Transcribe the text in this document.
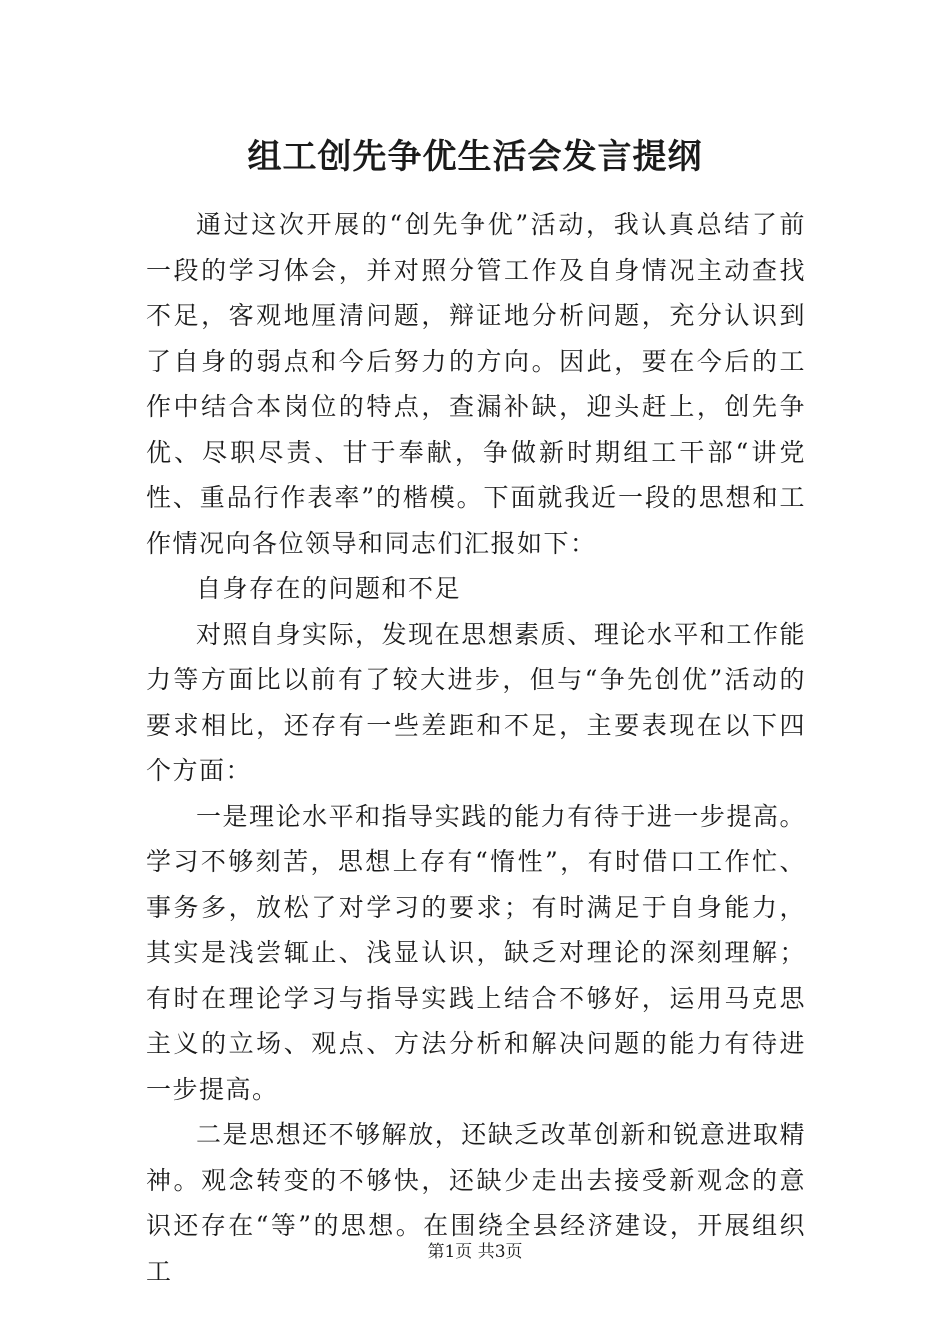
组工创先争优生活会发言提纲

通过这次开展的“创先争优”活动，我认真总结了前一段的学习体会，并对照分管工作及自身情况主动查找不足，客观地厘清问题，辩证地分析问题，充分认识到了自身的弱点和今后努力的方向。因此，要在今后的工作中结合本岗位的特点，查漏补缺，迎头赶上，创先争优、尽职尽责、甘于奉献，争做新时期组工干部“讲党性、重品行作表率”的楷模。下面就我近一段的思想和工作情况向各位领导和同志们汇报如下：

自身存在的问题和不足

对照自身实际，发现在思想素质、理论水平和工作能力等方面比以前有了较大进步，但与“争先创优”活动的要求相比，还存有一些差距和不足，主要表现在以下四个方面：

一是理论水平和指导实践的能力有待于进一步提高。学习不够刻苦，思想上存有“惰性”，有时借口工作忙、事务多，放松了对学习的要求；有时满足于自身能力，其实是浅尝辄止、浅显认识，缺乏对理论的深刻理解；有时在理论学习与指导实践上结合不够好，运用马克思主义的立场、观点、方法分析和解决问题的能力有待进一步提高。

二是思想还不够解放，还缺乏改革创新和锐意进取精神。观念转变的不够快，还缺少走出去接受新观念的意识还存在“等”的思想。在围绕全县经济建设，开展组织工

第1页 共3页
